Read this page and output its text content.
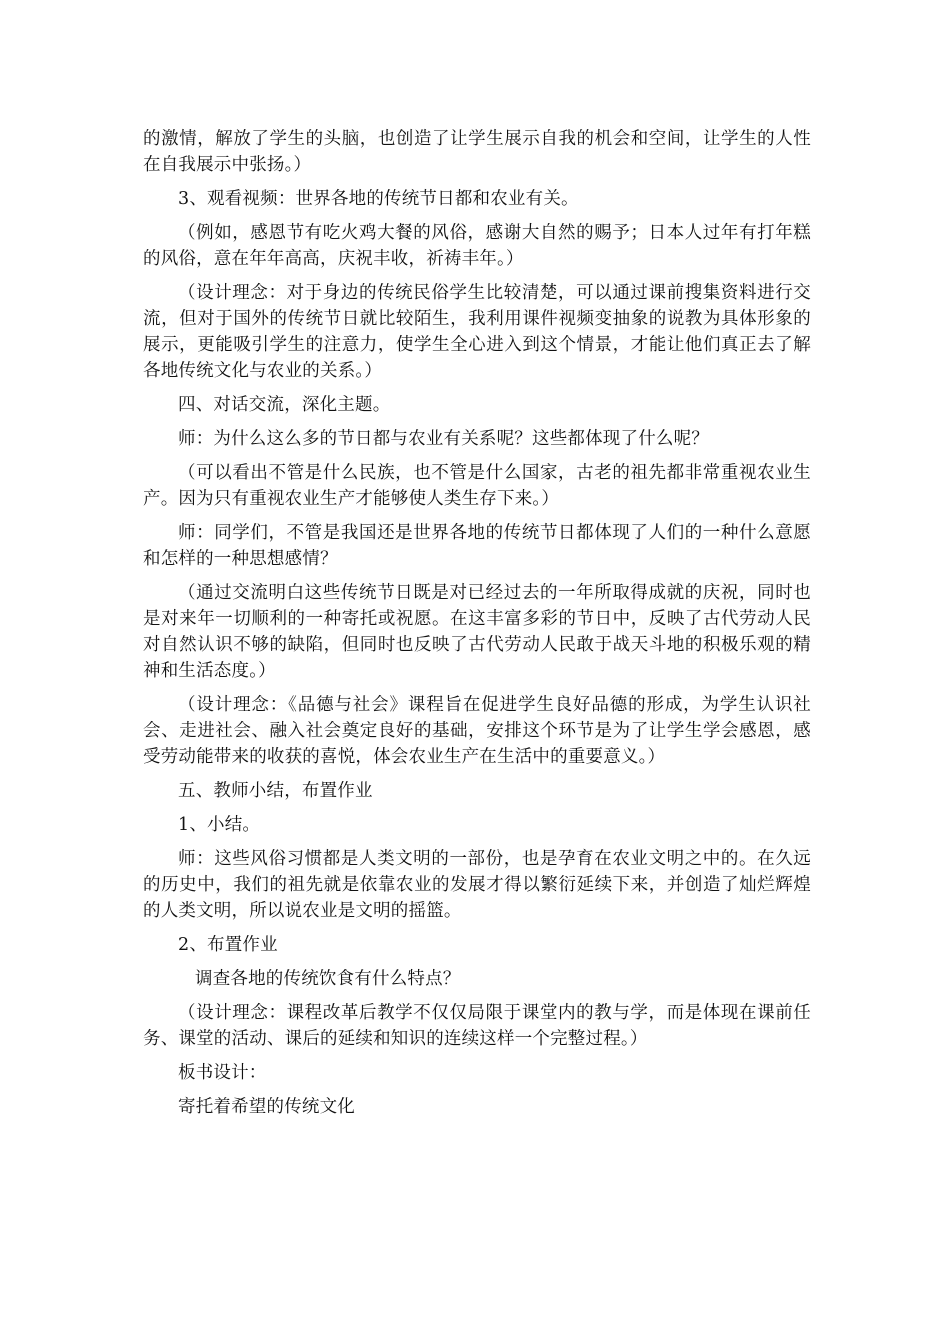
的激情，解放了学生的头脑，也创造了让学生展示自我的机会和空间，让学生的人性在自我展示中张扬。）

3、观看视频：世界各地的传统节日都和农业有关。

（例如，感恩节有吃火鸡大餐的风俗，感谢大自然的赐予；日本人过年有打年糕的风俗，意在年年高高，庆祝丰收，祈祷丰年。）

（设计理念：对于身边的传统民俗学生比较清楚，可以通过课前搜集资料进行交流，但对于国外的传统节日就比较陌生，我利用课件视频变抽象的说教为具体形象的展示，更能吸引学生的注意力，使学生全心进入到这个情景，才能让他们真正去了解各地传统文化与农业的关系。）

四、对话交流，深化主题。

师：为什么这么多的节日都与农业有关系呢？这些都体现了什么呢？

（可以看出不管是什么民族，也不管是什么国家，古老的祖先都非常重视农业生产。因为只有重视农业生产才能够使人类生存下来。）

师：同学们，不管是我国还是世界各地的传统节日都体现了人们的一种什么意愿和怎样的一种思想感情？

（通过交流明白这些传统节日既是对已经过去的一年所取得成就的庆祝，同时也是对来年一切顺利的一种寄托或祝愿。在这丰富多彩的节日中，反映了古代劳动人民对自然认识不够的缺陷，但同时也反映了古代劳动人民敢于战天斗地的积极乐观的精神和生活态度。）

（设计理念：《品德与社会》课程旨在促进学生良好品德的形成，为学生认识社会、走进社会、融入社会奠定良好的基础，安排这个环节是为了让学生学会感恩，感受劳动能带来的收获的喜悦，体会农业生产在生活中的重要意义。）

五、教师小结，布置作业

1、小结。

师：这些风俗习惯都是人类文明的一部份，也是孕育在农业文明之中的。在久远的历史中，我们的祖先就是依靠农业的发展才得以繁衍延续下来，并创造了灿烂辉煌的人类文明，所以说农业是文明的摇篮。

2、布置作业

调查各地的传统饮食有什么特点？

（设计理念：课程改革后教学不仅仅局限于课堂内的教与学，而是体现在课前任务、课堂的活动、课后的延续和知识的连续这样一个完整过程。）

板书设计：

寄托着希望的传统文化
